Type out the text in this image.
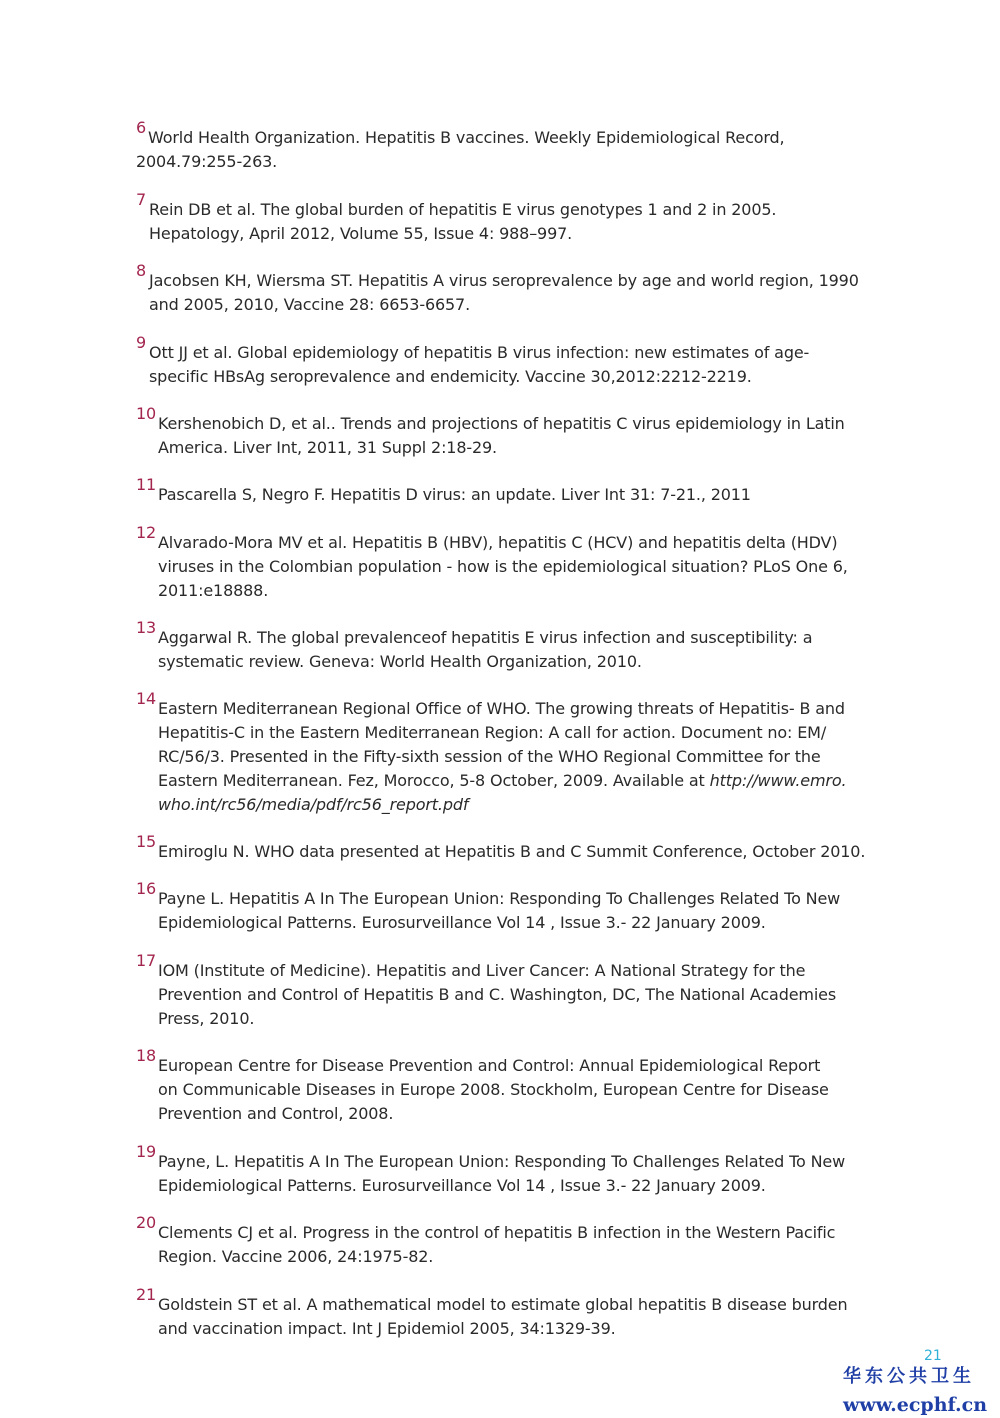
6
World Health Organization. Hepatitis B vaccines. Weekly Epidemiological Record,
2004.79:255-263.
7
Rein DB et al. The global burden of hepatitis E virus genotypes 1 and 2 in 2005.
Hepatology, April 2012, Volume 55, Issue 4: 988–997.
8
Jacobsen KH, Wiersma ST. Hepatitis A virus seroprevalence by age and world region, 1990
and 2005, 2010, Vaccine 28: 6653-6657.
9
Ott JJ et al. Global epidemiology of hepatitis B virus infection: new estimates of age-
specific HBsAg seroprevalence and endemicity. Vaccine 30,2012:2212-2219.
10
Kershenobich D, et al.. Trends and projections of hepatitis C virus epidemiology in Latin
America. Liver Int, 2011, 31 Suppl 2:18-29.
11
Pascarella S, Negro F. Hepatitis D virus: an update. Liver Int 31: 7-21., 2011
12
Alvarado-Mora MV et al. Hepatitis B (HBV), hepatitis C (HCV) and hepatitis delta (HDV)
viruses in the Colombian population - how is the epidemiological situation? PLoS One 6,
2011:e18888.
13
Aggarwal R. The global prevalenceof hepatitis E virus infection and susceptibility: a
systematic review. Geneva: World Health Organization, 2010.
14
Eastern Mediterranean Regional Office of WHO. The growing threats of Hepatitis- B and
Hepatitis-C in the Eastern Mediterranean Region: A call for action. Document no: EM/
RC/56/3. Presented in the Fifty-sixth session of the WHO Regional Committee for the
Eastern Mediterranean. Fez, Morocco, 5-8 October, 2009. Available at http://www.emro.
who.int/rc56/media/pdf/rc56_report.pdf
15
Emiroglu N. WHO data presented at Hepatitis B and C Summit Conference, October 2010.
16
Payne L. Hepatitis A In The European Union: Responding To Challenges Related To New
Epidemiological Patterns. Eurosurveillance Vol 14 , Issue 3.- 22 January 2009.
17
IOM (Institute of Medicine). Hepatitis and Liver Cancer: A National Strategy for the
Prevention and Control of Hepatitis B and C. Washington, DC, The National Academies
Press, 2010.
18
European Centre for Disease Prevention and Control: Annual Epidemiological Report
on Communicable Diseases in Europe 2008. Stockholm, European Centre for Disease
Prevention and Control, 2008.
19
Payne, L. Hepatitis A In The European Union: Responding To Challenges Related To New
Epidemiological Patterns. Eurosurveillance Vol 14 , Issue 3.- 22 January 2009.
20
Clements CJ et al. Progress in the control of hepatitis B infection in the Western Pacific
Region. Vaccine 2006, 24:1975-82.
21
Goldstein ST et al. A mathematical model to estimate global hepatitis B disease burden
and vaccination impact. Int J Epidemiol 2005, 34:1329-39.
21
华东公共卫生
www.ecphf.cn
